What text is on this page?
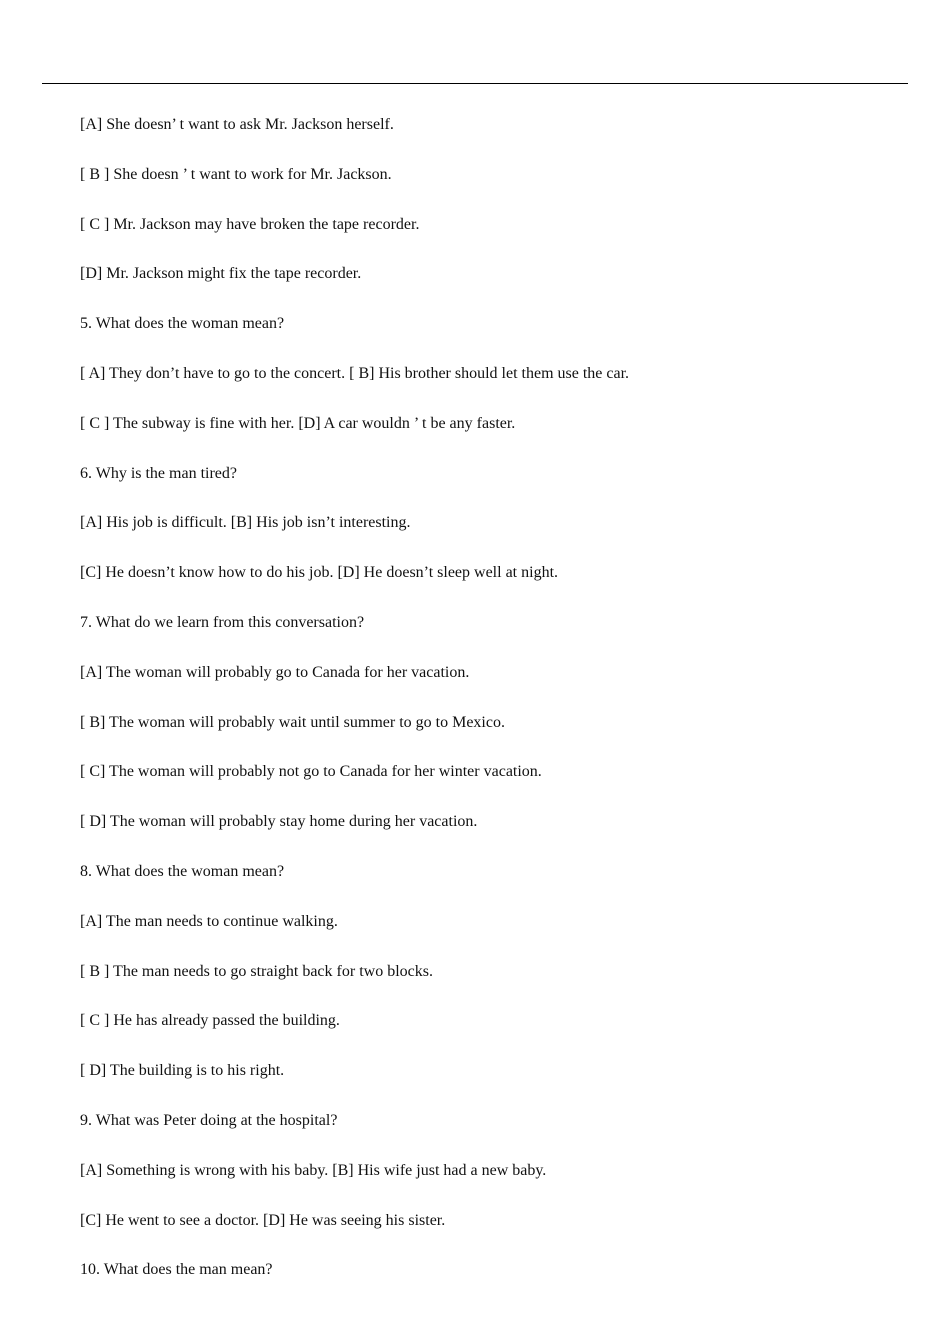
[A] She doesn’ t want to ask Mr. Jackson herself.
[ B ] She doesn ’ t want to work for Mr. Jackson.
[ C ] Mr. Jackson may have broken the tape recorder.
[D] Mr. Jackson might fix the tape recorder.
5. What does the woman mean?
[ A] They don’t have to go to the concert. [ B] His brother should let them use the car.
[ C ] The subway is fine with her. [D] A car wouldn ’ t be any faster.
6. Why is the man tired?
[A] His job is difficult. [B] His job isn’t interesting.
[C] He doesn’t know how to do his job. [D] He doesn’t sleep well at night.
7. What do we learn from this conversation?
[A] The woman will probably go to Canada for her vacation.
[ B] The woman will probably wait until summer to go to Mexico.
[ C] The woman will probably not go to Canada for her winter vacation.
[ D] The woman will probably stay home during her vacation.
8. What does the woman mean?
[A] The man needs to continue walking.
[ B ] The man needs to go straight back for two blocks.
[ C ] He has already passed the building.
[ D] The building is to his right.
9. What was Peter doing at the hospital?
[A] Something is wrong with his baby. [B] His wife just had a new baby.
[C] He went to see a doctor. [D] He was seeing his sister.
10. What does the man mean?
